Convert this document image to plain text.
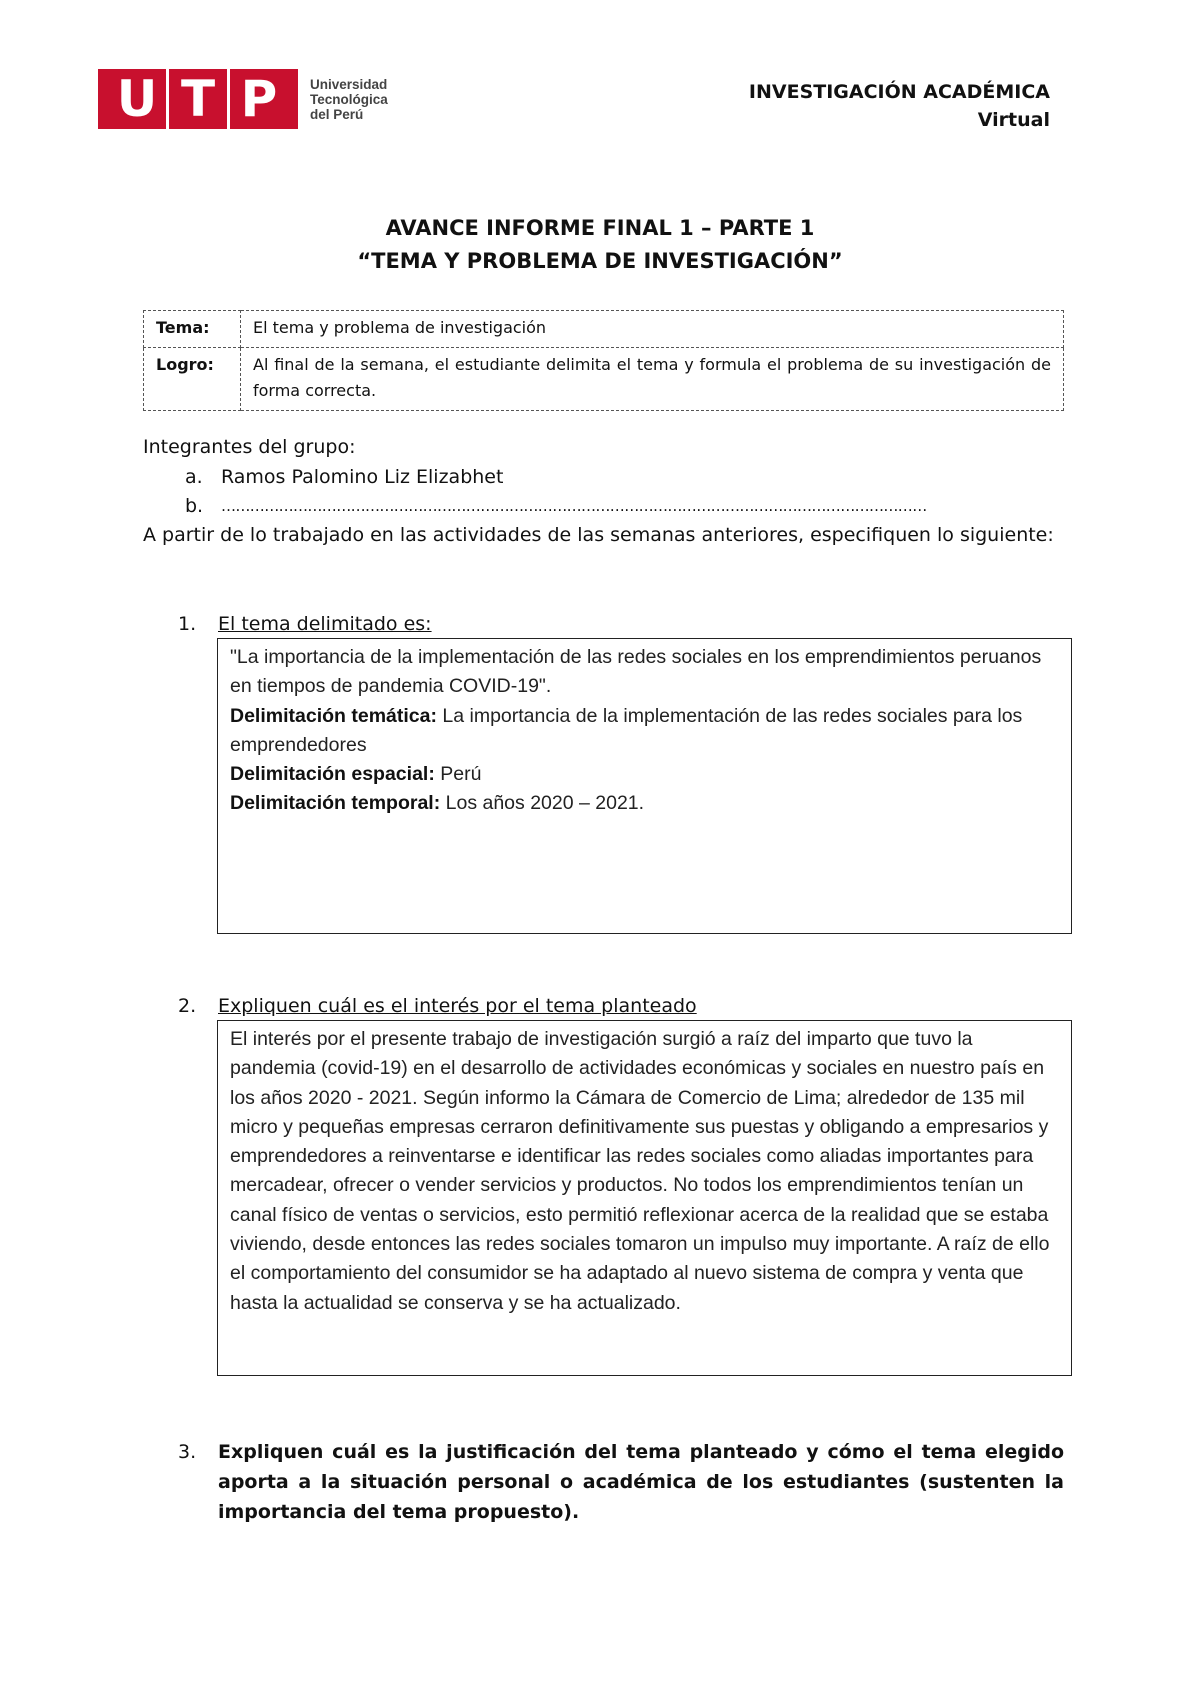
U T P	Universidad
Tecnológica
del Perú
INVESTIGACIÓN ACADÉMICA
Virtual
AVANCE INFORME FINAL 1 – PARTE 1
“TEMA Y PROBLEMA DE INVESTIGACIÓN”
Tema:	El tema y problema de investigación
Logro:	Al final de la semana, el estudiante delimita el tema y formula el problema de su investigación de forma correcta.
Integrantes del grupo:
a. Ramos Palomino Liz Elizabhet
b. …………………………………………………………………………………………………………………………………
A partir de lo trabajado en las actividades de las semanas anteriores, especifiquen lo siguiente:
1. El tema delimitado es:
"La importancia de la implementación de las redes sociales en los emprendimientos peruanos en tiempos de pandemia COVID-19".
Delimitación temática: La importancia de la implementación de las redes sociales para los emprendedores
Delimitación espacial: Perú
Delimitación temporal: Los años 2020 – 2021.
2. Expliquen cuál es el interés por el tema planteado
El interés por el presente trabajo de investigación surgió a raíz del imparto que tuvo la pandemia (covid-19) en el desarrollo de actividades económicas y sociales en nuestro país en los años 2020 - 2021. Según informo la Cámara de Comercio de Lima; alrededor de 135 mil micro y pequeñas empresas cerraron definitivamente sus puestas y obligando a empresarios y emprendedores a reinventarse e identificar las redes sociales como aliadas importantes para mercadear, ofrecer o vender servicios y productos. No todos los emprendimientos tenían un canal físico de ventas o servicios, esto permitió reflexionar acerca de la realidad que se estaba viviendo, desde entonces las redes sociales tomaron un impulso muy importante. A raíz de ello el comportamiento del consumidor se ha adaptado al nuevo sistema de compra y venta que hasta la actualidad se conserva y se ha actualizado.
3. Expliquen cuál es la justificación del tema planteado y cómo el tema elegido aporta a la situación personal o académica de los estudiantes (sustenten la importancia del tema propuesto).
